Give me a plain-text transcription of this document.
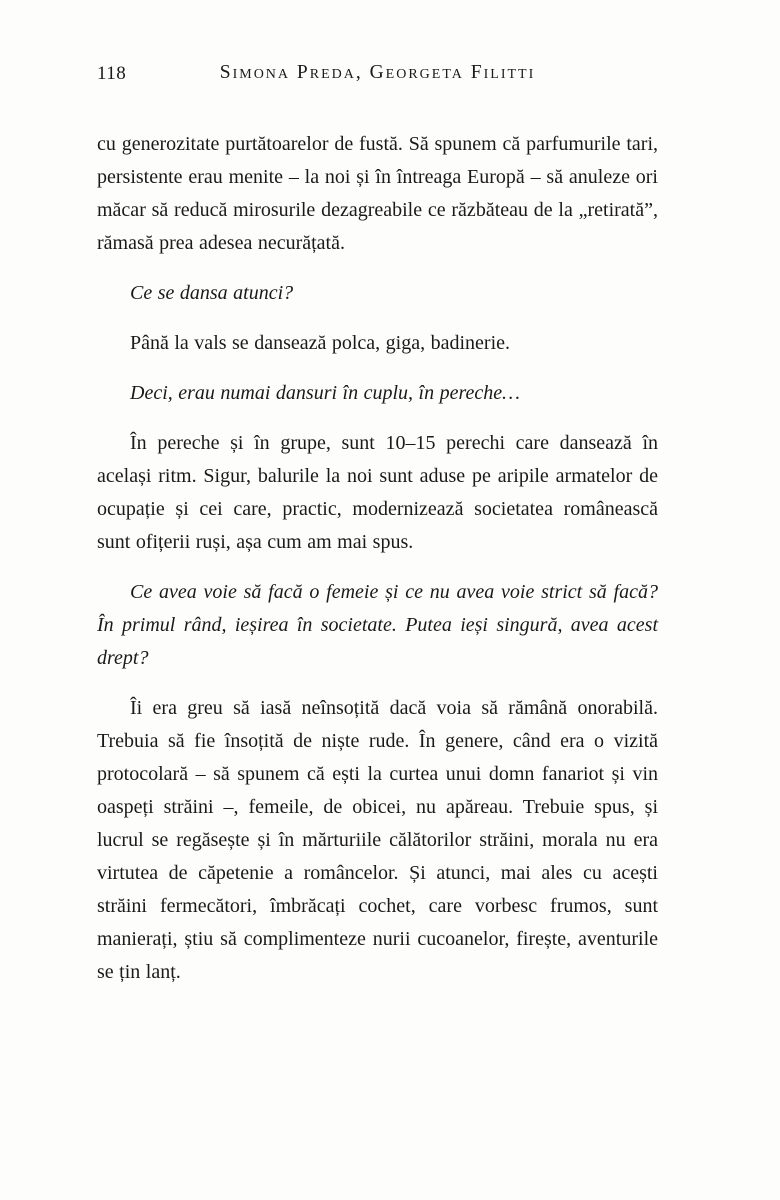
118	Simona Preda, Georgeta Filitti

cu generozitate purtătoarelor de fustă. Să spunem că parfumurile tari, persistente erau menite – la noi și în întreaga Europă – să anuleze ori măcar să reducă mirosurile dezagreabile ce răzbăteau de la „retirată”, rămasă prea adesea necurățată.

Ce se dansa atunci?

Până la vals se dansează polca, giga, badinerie.

Deci, erau numai dansuri în cuplu, în pereche…

În pereche și în grupe, sunt 10–15 perechi care dansează în același ritm. Sigur, balurile la noi sunt aduse pe aripile armatelor de ocupație și cei care, practic, modernizează societatea românească sunt ofițerii ruși, așa cum am mai spus.

Ce avea voie să facă o femeie și ce nu avea voie strict să facă? În primul rând, ieșirea în societate. Putea ieși singură, avea acest drept?

Îi era greu să iasă neînsoțită dacă voia să rămână onorabilă. Trebuia să fie însoțită de niște rude. În genere, când era o vizită protocolară – să spunem că ești la curtea unui domn fanariot și vin oaspeți străini –, femeile, de obicei, nu apăreau. Trebuie spus, și lucrul se regăsește și în mărturiile călătorilor străini, morala nu era virtutea de căpetenie a româncelor. Și atunci, mai ales cu acești străini fermecători, îmbrăcați cochet, care vorbesc frumos, sunt manierați, știu să complimenteze nurii cucoanelor, firește, aventurile se țin lanț.
